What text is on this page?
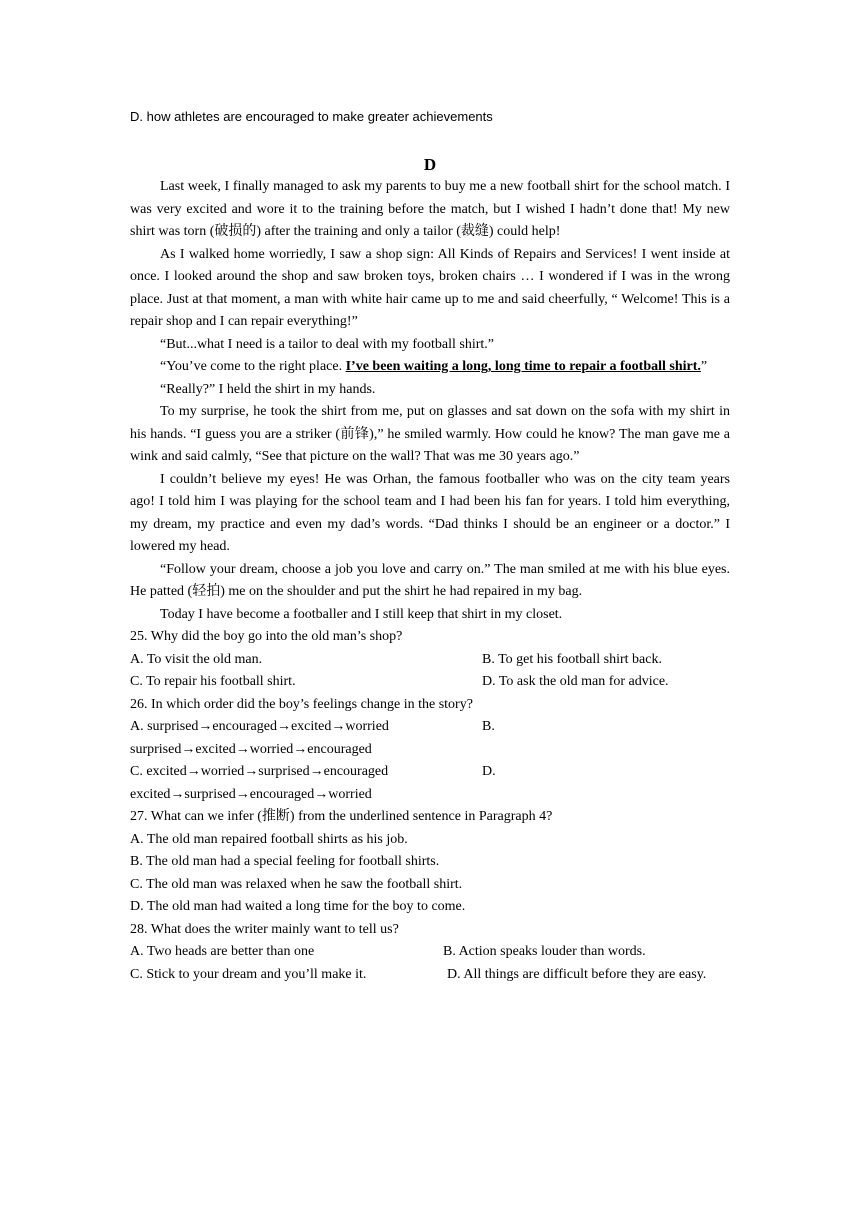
D. how athletes are encouraged to make greater achievements
D

Last week, I finally managed to ask my parents to buy me a new football shirt for the school match. I was very excited and wore it to the training before the match, but I wished I hadn’t done that! My new shirt was torn (破损的) after the training and only a tailor (裁缝) could help!

As I walked home worriedly, I saw a shop sign: All Kinds of Repairs and Services! I went inside at once. I looked around the shop and saw broken toys, broken chairs … I wondered if I was in the wrong place. Just at that moment, a man with white hair came up to me and said cheerfully, “ Welcome! This is a repair shop and I can repair everything!”

“But...what I need is a tailor to deal with my football shirt.”

“You’ve come to the right place. I’ve been waiting a long, long time to repair a football shirt.”

“Really?” I held the shirt in my hands.

To my surprise, he took the shirt from me, put on glasses and sat down on the sofa with my shirt in his hands. “I guess you are a striker (前锋),” he smiled warmly. How could he know? The man gave me a wink and said calmly, “See that picture on the wall? That was me 30 years ago.”

I couldn’t believe my eyes! He was Orhan, the famous footballer who was on the city team years ago! I told him I was playing for the school team and I had been his fan for years. I told him everything, my dream, my practice and even my dad’s words. “Dad thinks I should be an engineer or a doctor.” I lowered my head.

“Follow your dream, choose a job you love and carry on.” The man smiled at me with his blue eyes. He patted (轻拍) me on the shoulder and put the shirt he had repaired in my bag.

Today I have become a footballer and I still keep that shirt in my closet.

25. Why did the boy go into the old man’s shop?

A. To visit the old man.	B. To get his football shirt back.
C. To repair his football shirt.	D. To ask the old man for advice.

26. In which order did the boy’s feelings change in the story?

A. surprised→encouraged→excited→worried	B.

surprised→excited→worried→encouraged

C. excited→worried→surprised→encouraged	D.

excited→surprised→encouraged→worried

27. What can we infer (推断) from the underlined sentence in Paragraph 4?

A. The old man repaired football shirts as his job.

B. The old man had a special feeling for football shirts.

C. The old man was relaxed when he saw the football shirt.

D. The old man had waited a long time for the boy to come.

28. What does the writer mainly want to tell us?

A. Two heads are better than one	B. Action speaks louder than words.
C. Stick to your dream and you’ll make it.	D. All things are difficult before they are easy.
